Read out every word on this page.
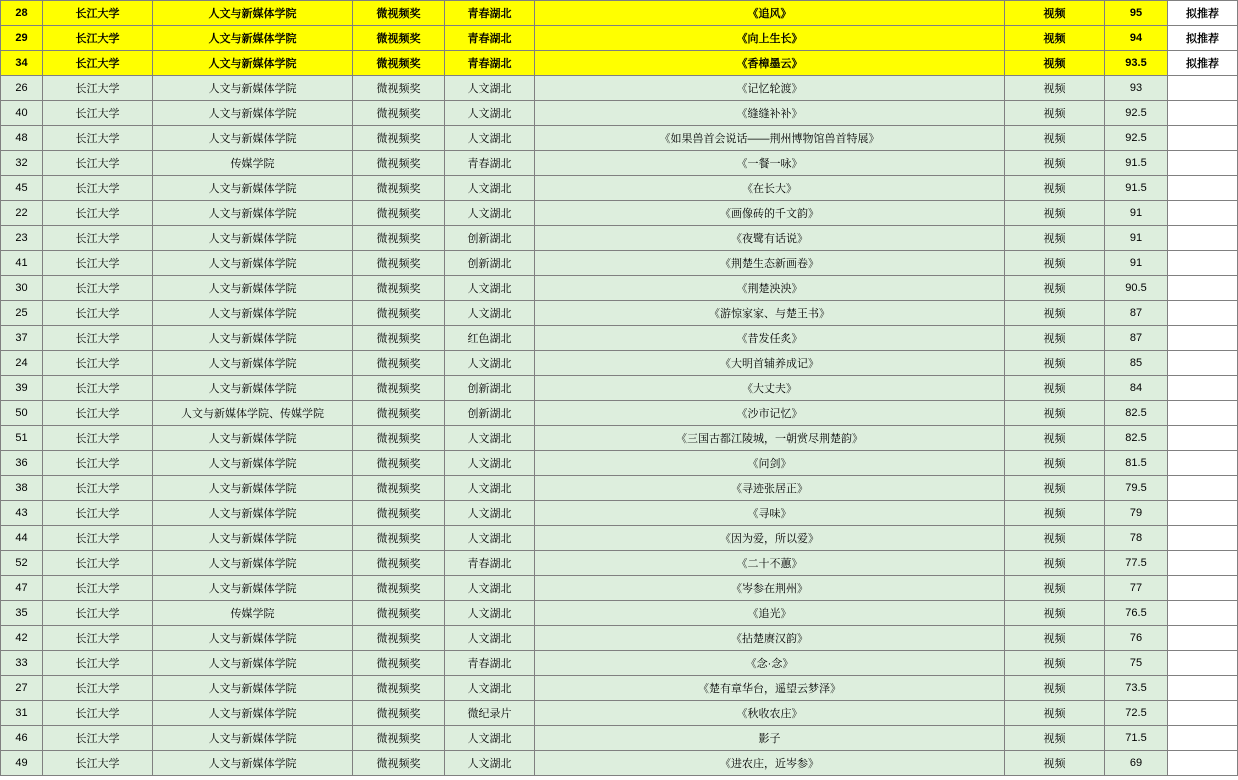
28	长江大学	人文与新媒体学院	微视频奖	青春湖北	《追风》	视频	95	拟推荐
29	长江大学	人文与新媒体学院	微视频奖	青春湖北	《向上生长》	视频	94	拟推荐
34	长江大学	人文与新媒体学院	微视频奖	青春湖北	《香樟墨云》	视频	93.5	拟推荐
26	长江大学	人文与新媒体学院	微视频奖	人文湖北	《记忆轮渡》	视频	93	
40	长江大学	人文与新媒体学院	微视频奖	人文湖北	《缝缝补补》	视频	92.5	
48	长江大学	人文与新媒体学院	微视频奖	人文湖北	《如果兽首会说话——荆州博物馆兽首特展》	视频	92.5	
32	长江大学	传媒学院	微视频奖	青春湖北	《一餐一咏》	视频	91.5	
45	长江大学	人文与新媒体学院	微视频奖	人文湖北	《在长大》	视频	91.5	
22	长江大学	人文与新媒体学院	微视频奖	人文湖北	《画像砖的千文韵》	视频	91	
23	长江大学	人文与新媒体学院	微视频奖	创新湖北	《夜鹭有话说》	视频	91	
41	长江大学	人文与新媒体学院	微视频奖	创新湖北	《荆楚生态新画卷》	视频	91	
30	长江大学	人文与新媒体学院	微视频奖	人文湖北	《荆楚泱泱》	视频	90.5	
25	长江大学	人文与新媒体学院	微视频奖	人文湖北	《游惊家家、与楚王书》	视频	87	
37	长江大学	人文与新媒体学院	微视频奖	红色湖北	《昔发任炙》	视频	87	
24	长江大学	人文与新媒体学院	微视频奖	人文湖北	《大明首辅养成记》	视频	85	
39	长江大学	人文与新媒体学院	微视频奖	创新湖北	《大丈夫》	视频	84	
50	长江大学	人文与新媒体学院、传媒学院	微视频奖	创新湖北	《沙市记忆》	视频	82.5	
51	长江大学	人文与新媒体学院	微视频奖	人文湖北	《三国古都江陵城，一朝赏尽荆楚韵》	视频	82.5	
36	长江大学	人文与新媒体学院	微视频奖	人文湖北	《问剑》	视频	81.5	
38	长江大学	人文与新媒体学院	微视频奖	人文湖北	《寻迹张居正》	视频	79.5	
43	长江大学	人文与新媒体学院	微视频奖	人文湖北	《寻味》	视频	79	
44	长江大学	人文与新媒体学院	微视频奖	人文湖北	《因为爱，所以爱》	视频	78	
52	长江大学	人文与新媒体学院	微视频奖	青春湖北	《二十不蕙》	视频	77.5	
47	长江大学	人文与新媒体学院	微视频奖	人文湖北	《岑参在荆州》	视频	77	
35	长江大学	传媒学院	微视频奖	人文湖北	《追光》	视频	76.5	
42	长江大学	人文与新媒体学院	微视频奖	人文湖北	《拈楚赓汉韵》	视频	76	
33	长江大学	人文与新媒体学院	微视频奖	青春湖北	《念·念》	视频	75	
27	长江大学	人文与新媒体学院	微视频奖	人文湖北	《楚有章华台，遥望云梦泽》	视频	73.5	
31	长江大学	人文与新媒体学院	微视频奖	微纪录片	《秋收农庄》	视频	72.5	
46	长江大学	人文与新媒体学院	微视频奖	人文湖北	影子	视频	71.5	
49	长江大学	人文与新媒体学院	微视频奖	人文湖北	《进农庄，近岑参》	视频	69	
